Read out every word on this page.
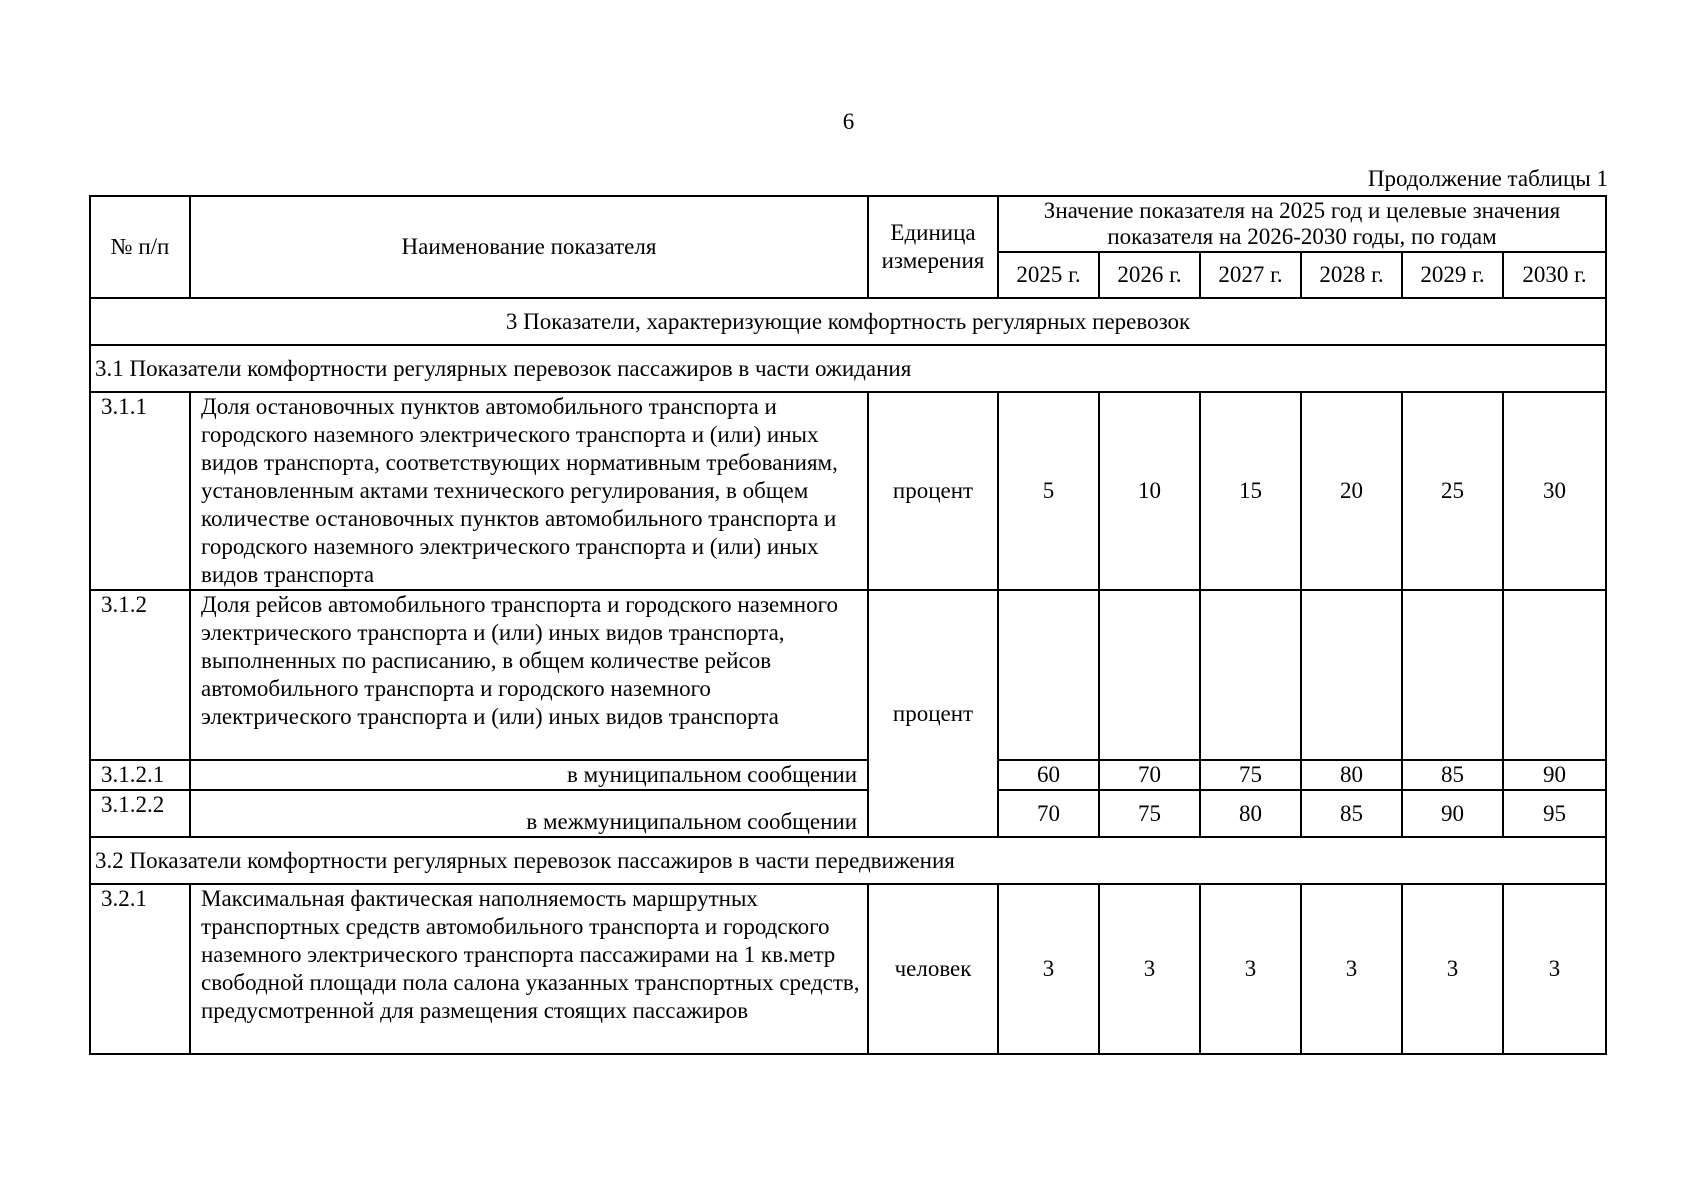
6
Продолжение таблицы 1
№ п/п	Наименование показателя	Единица измерения	Значение показателя на 2025 год и целевые значения показателя на 2026-2030 годы, по годам					
			2025 г.	2026 г.	2027 г.	2028 г.	2029 г.	2030 г.
3 Показатели, характеризующие комфортность регулярных перевозок								
3.1 Показатели комфортности регулярных перевозок пассажиров в части ожидания								
3.1.1	Доля остановочных пунктов автомобильного транспорта и городского наземного электрического транспорта и (или) иных видов транспорта, соответствующих нормативным требованиям, установленным актами технического регулирования, в общем количестве остановочных пунктов автомобильного транспорта и городского наземного электрического транспорта и (или) иных видов транспорта	процент	5	10	15	20	25	30
3.1.2	Доля рейсов автомобильного транспорта и городского наземного электрического транспорта и (или) иных видов транспорта, выполненных по расписанию, в общем количестве рейсов автомобильного транспорта и городского наземного электрического транспорта и (или) иных видов транспорта	процент						
3.1.2.1	в муниципальном сообщении		60	70	75	80	85	90
3.1.2.2	в межмуниципальном сообщении		70	75	80	85	90	95
3.2 Показатели комфортности регулярных перевозок пассажиров в части передвижения								
3.2.1	Максимальная фактическая наполняемость маршрутных транспортных средств автомобильного транспорта и городского наземного электрического транспорта пассажирами на 1 кв.метр свободной площади пола салона указанных транспортных средств, предусмотренной для размещения стоящих пассажиров	человек	3	3	3	3	3	3
